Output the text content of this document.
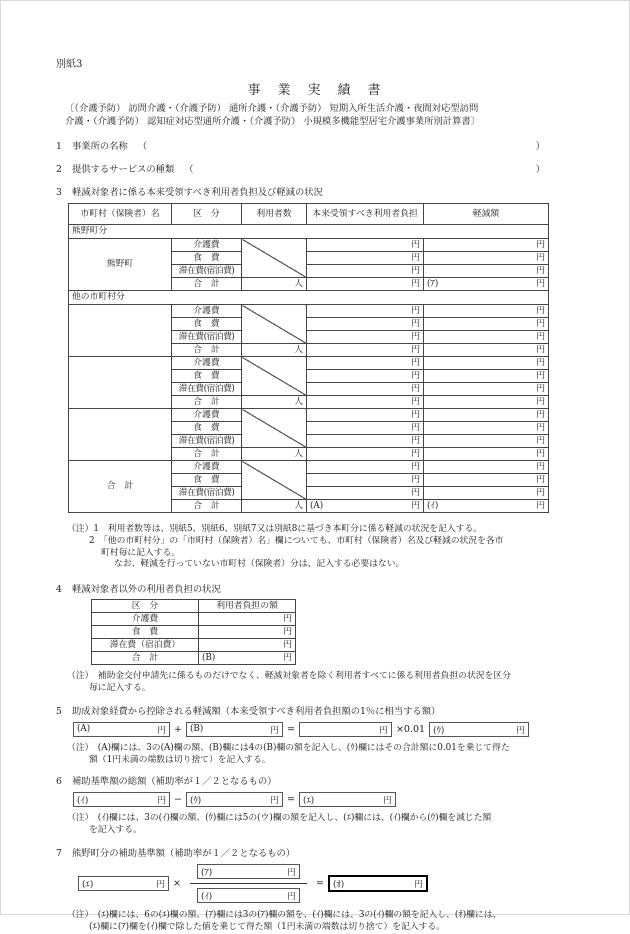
別紙3
事　業　実　績　書
〔（介護予防） 訪問介護・（介護予防） 通所介護・（介護予防） 短期入所生活介護・夜間対応型訪問
介護・（介護予防） 認知症対応型通所介護・（介護予防） 小規模多機能型居宅介護事業所別計算書〕
1	事業所の名称 （	）
2	提供するサービスの種類 （	）
3	軽減対象者に係る本来受領すべき利用者負担及び軽減の状況
市町村（保険者）名	区　分	利用者数	本来受領すべき利用者負担	軽減額
熊野町分				
熊野町	介護費		円	円
	食　費		円	円
	滞在費(宿泊費)		円	円
	合　計	人	円	(ｱ) 円

他の市町村分				
	介護費		円	円
	食　費		円	円
	滞在費(宿泊費)		円	円
	合　計	人	円	円
	介護費		円	円
	食　費		円	円
	滞在費(宿泊費)		円	円
	合　計	人	円	円
	介護費		円	円
	食　費		円	円
	滞在費(宿泊費)		円	円
	合　計	人	円	円
合　計	介護費		円	円
	食　費		円	円
	滞在費(宿泊費)		円	円
	合　計	人	(A) 円	(ｲ) 円
（注）1　利用者数等は、別紙5、別紙6、別紙7又は別紙8に基づき本町分に係る軽減の状況を記入する。
2　「他の市町村分」の「市町村（保険者）名」欄についても、市町村（保険者）名及び軽減の状況を各市
町村毎に記入する。
なお、軽減を行っていない市町村（保険者）分は、記入する必要はない。
4	軽減対象者以外の利用者負担の状況
区　分	利用者負担の額
介護費	円
食　費	円
滞在費（宿泊費）	円
合　計	(B) 円
（注）　補助金交付申請先に係るものだけでなく、軽減対象者を除く利用者すべてに係る利用者負担の状況を区分
毎に記入する。
5	助成対象経費から控除される軽減額（本来受領すべき利用者負担額の1％に相当する額）
(A)	円 + (B)	円 =	円 ×0.01 (ｳ)	円
（注）　(A)欄には、3の(A)欄の額、(B)欄には4の(B)欄の額を記入し、(ｳ)欄にはその合計額に0.01を乗じて得た
額（1円未満の端数は切り捨て）を記入する。
6	補助基準額の総額（補助率が１／２となるもの）
(ｲ)	円 − (ｳ)	円 = (ｴ)	円
（注）　(ｲ)欄には、3の(ｲ)欄の額、(ｳ)欄には5の(ウ)欄の額を記入し、(ｴ)欄には、(ｲ)欄から(ｳ)欄を減じた額
を記入する。
7	熊野町分の補助基準額（補助率が１／２となるもの）
(ｴ)	円 × (ｱ)	円
(ｲ)	円 = (ｵ)	円
（注）　(ｴ)欄には、6の(ｴ)欄の額、(ｱ)欄には3の(ｱ)欄の額を、(ｲ)欄には、3の(ｲ)欄の額を記入し、(ｵ)欄には、
(ｴ)欄に(ｱ)欄を(ｲ)欄で除した値を乗じて得た額（1円未満の端数は切り捨て）を記入する。
